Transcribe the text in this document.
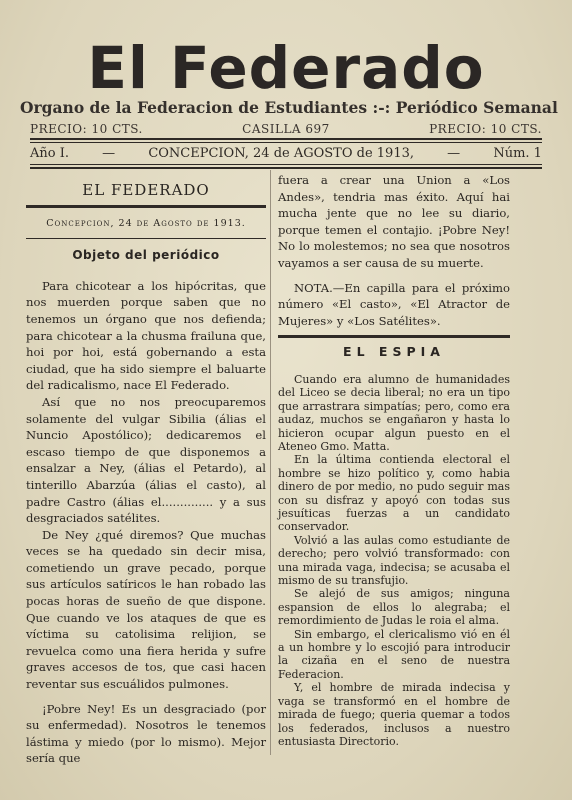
El Federado
Organo de la Federacion de Estudiantes :-: Periódico Semanal
PRECIO: 10 CTS.	CASILLA 697	PRECIO: 10 CTS.
Año I.	—	CONCEPCION, 24 de AGOSTO de 1913,	—	Núm. 1
EL FEDERADO
Concepcion, 24 de Agosto de 1913.
Objeto del periódico

Para chicotear a los hipócritas, que nos muerden porque saben que no tenemos un órgano que nos defienda; para chicotear a la chusma frailuna que, hoi por hoi, está gobernando a esta ciudad, que ha sido siempre el baluarte del radicalismo, nace El Federado.

Así que no nos preocuparemos solamente del vulgar Sibilia (álias el Nuncio Apostólico); dedicaremos el escaso tiempo de que disponemos a ensalzar a Ney, (álias el Petardo), al tinterillo Abarzúa (álias el casto), al padre Castro (álias el.............. y a sus desgraciados satélites.

De Ney ¿qué diremos? Que muchas veces se ha quedado sin decir misa, cometiendo un grave pecado, porque sus artículos satíricos le han robado las pocas horas de sueño de que dispone. Que cuando ve los ataques de que es víctima su catolisima relijion, se revuelca como una fiera herida y sufre graves accesos de tos, que casi hacen reventar sus escuálidos pulmones.

¡Pobre Ney! Es un desgraciado (por su enfermedad). Nosotros le tenemos lástima y miedo (por lo mismo). Mejor sería que

fuera a crear una Union a «Los Andes», tendria mas éxito. Aquí hai mucha jente que no lee su diario, porque temen el contajio. ¡Pobre Ney! No lo molestemos; no sea que nosotros vayamos a ser causa de su muerte.

NOTA.—En capilla para el próximo número «El casto», «El Atractor de Mujeres» y «Los Satélites».

EL ESPIA

Cuando era alumno de humanidades del Liceo se decia liberal; no era un tipo que arrastrara simpatías; pero, como era audaz, muchos se engañaron y hasta lo hicieron ocupar algun puesto en el Ateneo Gmo. Matta.

En la última contienda electoral el hombre se hizo político y, como habia dinero de por medio, no pudo seguir mas con su disfraz y apoyó con todas sus jesuíticas fuerzas a un candidato conservador.

Volvió a las aulas como estudiante de derecho; pero volvió transformado: con una mirada vaga, indecisa; se acusaba el mismo de su transfujio.

Se alejó de sus amigos; ninguna espansion de ellos lo alegraba; el remordimiento de Judas le roia el alma.

Sin embargo, el clericalismo vió en él a un hombre y lo escojió para introducir la cizaña en el seno de nuestra Federacion.

Y, el hombre de mirada indecisa y vaga se transformó en el hombre de mirada de fuego; queria quemar a todos los federados, inclusos a nuestro entusiasta Directorio.
